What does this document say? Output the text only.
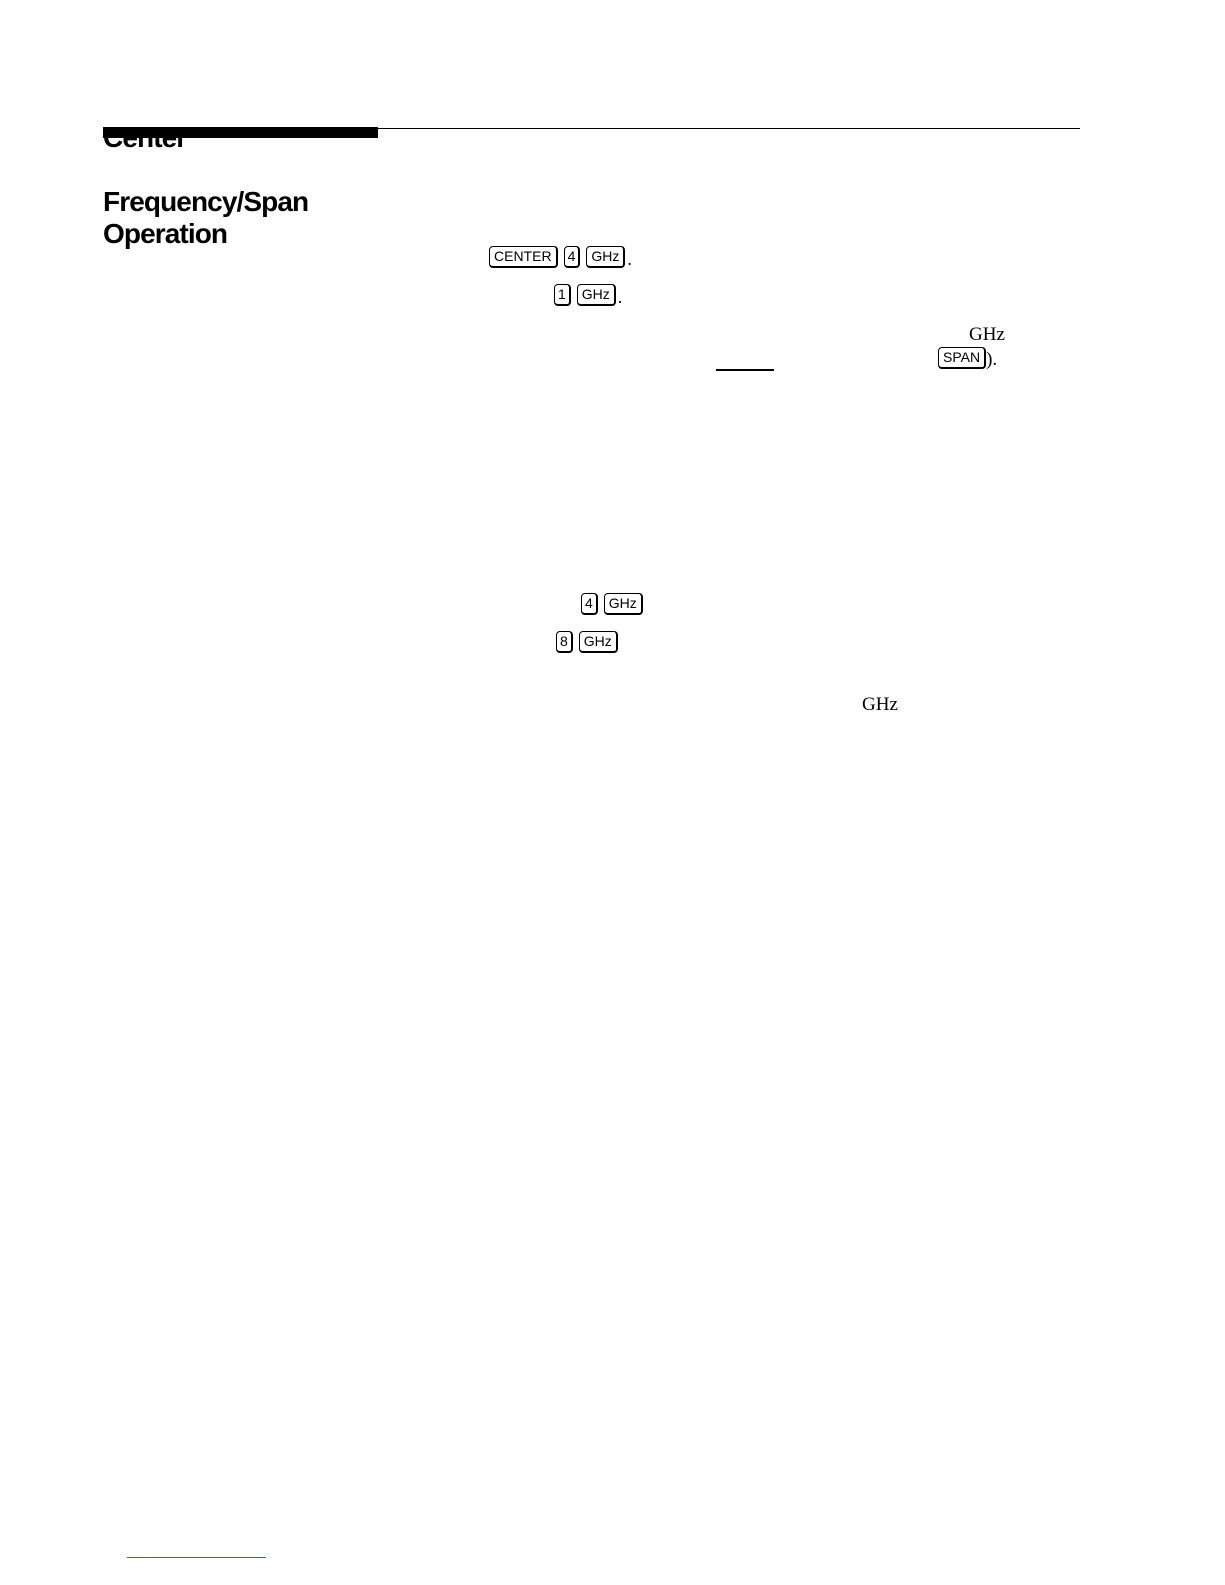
Center
Frequency/Span
Operation
CENTER	4	GHz .
1	GHz .
GHz
SPAN ).
4	GHz
8	GHz
GHz
